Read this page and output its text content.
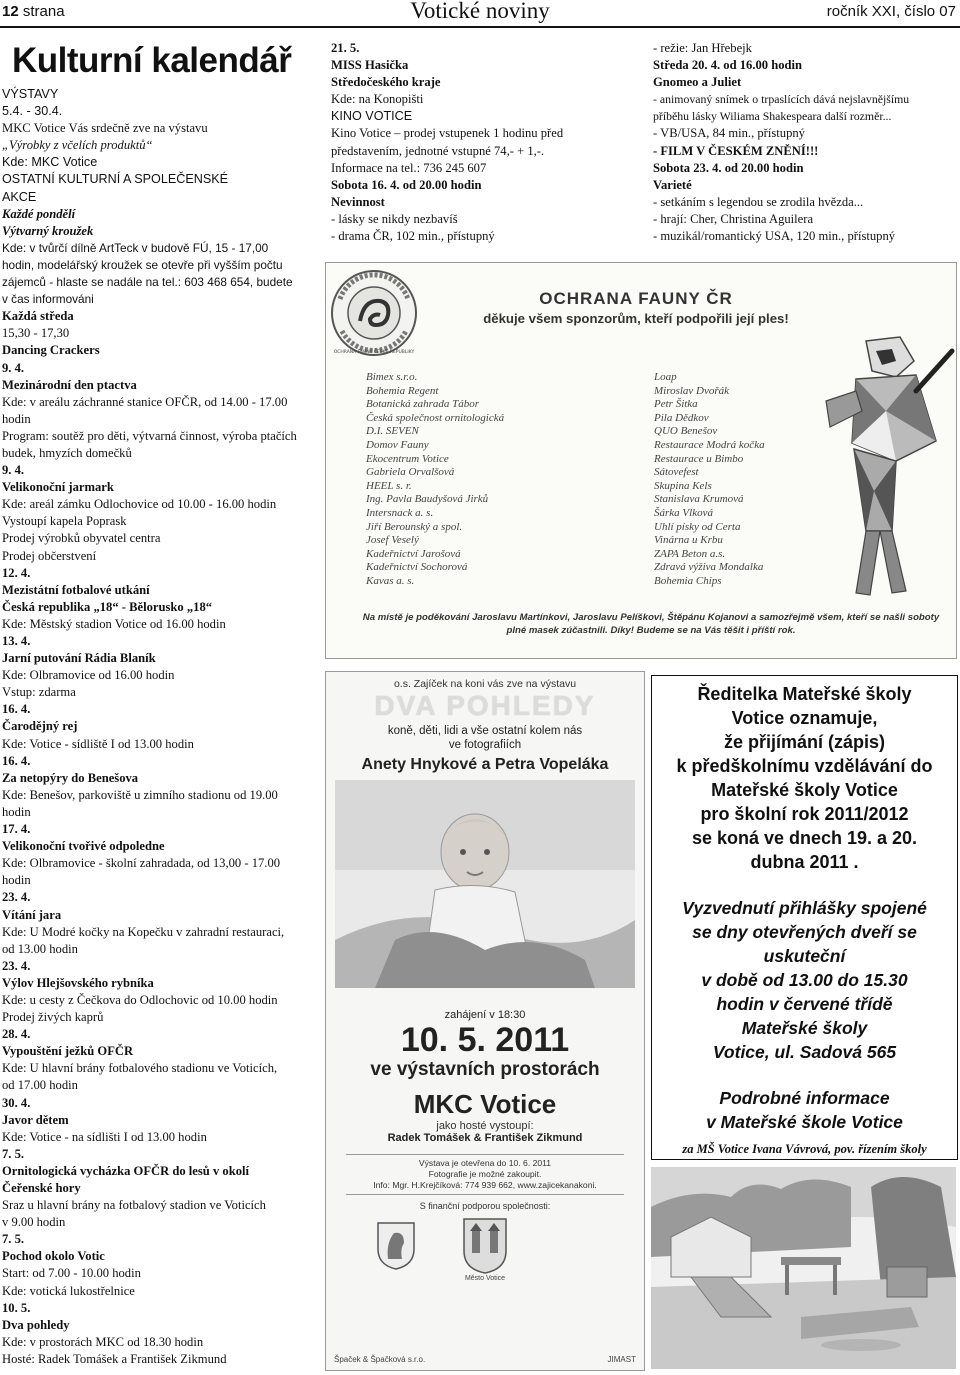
12 strana	Votické noviny	ročník XXI, číslo 07
Kulturní kalendář
VÝSTAVY
5.4. - 30.4.
MKC Votice Vás srdečně zve na výstavu
„Výrobky z včelích produktů“
Kde: MKC Votice
OSTATNÍ KULTURNÍ A SPOLEČENSKÉ
AKCE
Každé pondělí
Výtvarný kroužek
Kde: v tvůrčí dílně ArtTeck v budově FÚ, 15 - 17,00
hodin, modelářský kroužek se otevře při vyšším počtu
zájemců - hlaste se nadále na tel.: 603 468 654, budete
v čas informováni
Každá středa
15,30 - 17,30
Dancing Crackers
9. 4.
Mezinárodní den ptactva
Kde: v areálu záchranné stanice OFČR, od 14.00 - 17.00
hodin
Program: soutěž pro děti, výtvarná činnost, výroba ptačích
budek, hmyzích domečků
9. 4.
Velikonoční jarmark
Kde: areál zámku Odlochovice od 10.00 - 16.00 hodin
Vystoupí kapela Poprask
Prodej výrobků obyvatel centra
Prodej občerstvení
12. 4.
Mezistátní fotbalové utkání
Česká republika „18“ - Bělorusko „18“
Kde: Městský stadion Votice od 16.00 hodin
13. 4.
Jarní putování Rádia Blaník
Kde: Olbramovice od 16.00 hodin
Vstup: zdarma
16. 4.
Čarodějný rej
Kde: Votice - sídliště I od 13.00 hodin
16. 4.
Za netopýry do Benešova
Kde: Benešov, parkoviště u zimního stadionu od 19.00
hodin
17. 4.
Velikonoční tvořivé odpoledne
Kde: Olbramovice - školní zahradada, od 13,00 - 17.00
hodin
23. 4.
Vítání jara
Kde: U Modré kočky na Kopečku v zahradní restauraci,
od 13.00 hodin
23. 4.
Výlov Hlejšovského rybníka
Kde: u cesty z Čečkova do Odlochovic od 10.00 hodin
Prodej živých kaprů
28. 4.
Vypouštění ježků OFČR
Kde: U hlavní brány fotbalového stadionu ve Voticích,
od 17.00 hodin
30. 4.
Javor dětem
Kde: Votice - na sídlišti I od 13.00 hodin
7. 5.
Ornitologická vycházka OFČR do lesů v okolí
Čeřenské hory
Sraz u hlavní brány na fotbalový stadion ve Voticích
v 9.00 hodin
7. 5.
Pochod okolo Votic
Start: od 7.00 - 10.00 hodin
Kde: votická lukostřelnice
10. 5.
Dva pohledy
Kde: v prostorách MKC od 18.30 hodin
Hosté: Radek Tomášek a František Zikmund
21. 5.
MISS Hasička
Středočeského kraje
Kde: na Konopišti
KINO VOTICE
Kino Votice – prodej vstupenek 1 hodinu před
představením, jednotné vstupné 74,- + 1,-.
Informace na tel.: 736 245 607
Sobota 16. 4. od 20.00 hodin
Nevinnost
- lásky se nikdy nezbavíš
- drama ČR, 102 min., přístupný
- režie: Jan Hřebejk
Středa 20. 4. od 16.00 hodin
Gnomeo a Juliet
- animovaný snímek o trpaslících dává nejslavnějšímu
příběhu lásky Wiliama Shakespeara další rozměr...
- VB/USA, 84 min., přístupný
- FILM V ČESKÉM ZNĚNÍ!!!
Sobota 23. 4. od 20.00 hodin
Varieté
- setkáním s legendou se zrodila hvězda...
- hrají: Cher, Christina Aguilera
- muzikál/romantický USA, 120 min., přístupný
OCHRANA FAUNY ČESKÉ REPUBLIKY
OCHRANA FAUNY ČR
děkuje všem sponzorům, kteří podpořili její ples!
Bimex s.r.o.
Bohemia Regent
Botanická zahrada Tábor
Česká společnost ornitologická
D.I. SEVEN
Domov Fauny
Ekocentrum Votice
Gabriela Orvalšová
HEEL s. r.
Ing. Pavla Baudyšová Jirků
Intersnack a. s.
Jiří Berounský a spol.
Josef Veselý
Kadeřnictví Jarošová
Kadeřnictví Sochorová
Kavas a. s.
Loap
Miroslav Dvořák
Petr Šitka
Pila Dědkov
QUO Benešov
Restaurace Modrá kočka
Restaurace u Bimbo
Sátovefest
Skupina Kels
Stanislava Krumová
Šárka Vlková
Uhlí písky od Certa
Vinárna u Krbu
ZAPA Beton a.s.
Zdravá výživa Mondalka
Bohemia Chips
Na místě je poděkování Jaroslavu Martínkovi, Jaroslavu Pelíškovi, Štěpánu Kojanovi a samozřejmě všem, kteří se našli soboty plné masek zúčastnili. Díky! Budeme se na Vás těšit i příští rok.
o.s. Zajíček na koni vás zve na výstavu
DVA POHLEDY
koně, děti, lidi a vše ostatní kolem nás
ve fotografiích
Anety Hnykové a Petra Vopeláka
zahájení v 18:30
10. 5. 2011
ve výstavních prostorách
MKC Votice
jako hosté vystoupí:
Radek Tomášek & František Zikmund
Výstava je otevřena do 10. 6. 2011
Fotografie je možné zakoupit.
Info: Mgr. H.Krejčíková: 774 939 662, www.zajicekanakoni.
S finanční podporou společnosti:
Město Votice
Špaček & Špačková s.r.o.	JIMAST
Ředitelka Mateřské školy
Votice oznamuje,
že přijímání (zápis)
k předškolnímu vzdělávání do
Mateřské školy Votice
pro školní rok 2011/2012
se koná ve dnech 19. a 20.
dubna 2011 .
Vyzvednutí přihlášky spojené
se dny otevřených dveří se
uskuteční
v době od 13.00 do 15.30
hodin v červené třídě
Mateřské školy
Votice, ul. Sadová 565
Podrobné informace
v Mateřské škole Votice
za MŠ Votice Ivana Vávrová, pov. řízením školy
